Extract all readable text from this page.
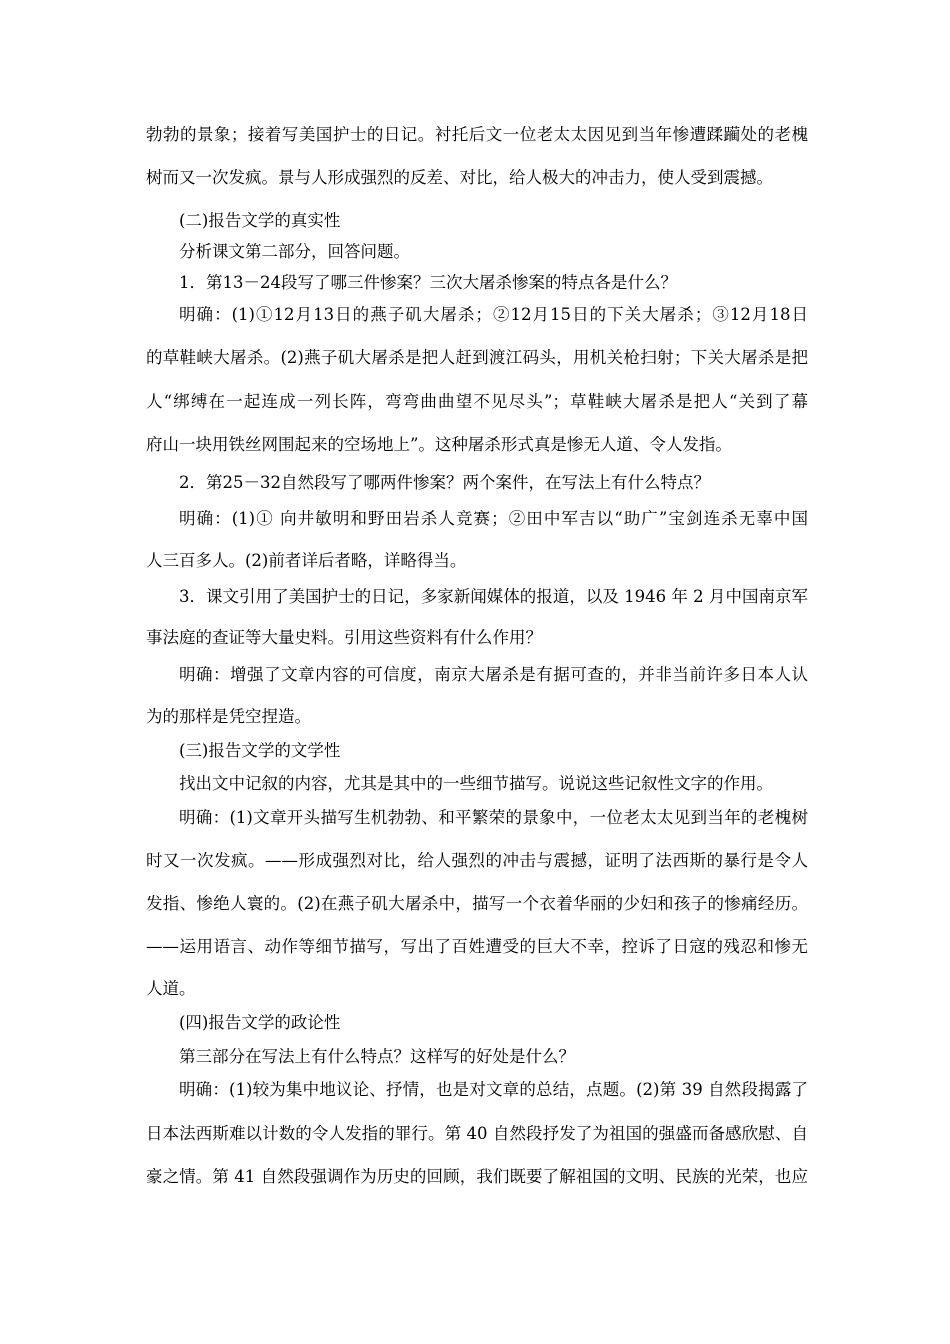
勃勃的景象；接着写美国护士的日记。衬托后文一位老太太因见到当年惨遭蹂躏处的老槐
树而又一次发疯。景与人形成强烈的反差、对比，给人极大的冲击力，使人受到震撼。
(二)报告文学的真实性
分析课文第二部分，回答问题。
1．第13－24段写了哪三件惨案？三次大屠杀惨案的特点各是什么？
明确：(1)①12月13日的燕子矶大屠杀；②12月15日的下关大屠杀；③12月18日
的草鞋峡大屠杀。(2)燕子矶大屠杀是把人赶到渡江码头，用机关枪扫射；下关大屠杀是把
人“绑缚在一起连成一列长阵，弯弯曲曲望不见尽头”；草鞋峡大屠杀是把人“关到了幕
府山一块用铁丝网围起来的空场地上”。这种屠杀形式真是惨无人道、令人发指。
2．第25－32自然段写了哪两件惨案？两个案件，在写法上有什么特点？
明确：(1)① 向井敏明和野田岩杀人竞赛；②田中军吉以“助广”宝剑连杀无辜中国
人三百多人。(2)前者详后者略，详略得当。
3．课文引用了美国护士的日记，多家新闻媒体的报道，以及 1946 年 2 月中国南京军
事法庭的查证等大量史料。引用这些资料有什么作用？
明确：增强了文章内容的可信度，南京大屠杀是有据可查的，并非当前许多日本人认
为的那样是凭空捏造。
(三)报告文学的文学性
找出文中记叙的内容，尤其是其中的一些细节描写。说说这些记叙性文字的作用。
明确：(1)文章开头描写生机勃勃、和平繁荣的景象中，一位老太太见到当年的老槐树
时又一次发疯。——形成强烈对比，给人强烈的冲击与震撼，证明了法西斯的暴行是令人
发指、惨绝人寰的。(2)在燕子矶大屠杀中，描写一个衣着华丽的少妇和孩子的惨痛经历。
——运用语言、动作等细节描写，写出了百姓遭受的巨大不幸，控诉了日寇的残忍和惨无
人道。
(四)报告文学的政论性
第三部分在写法上有什么特点？这样写的好处是什么？
明确：(1)较为集中地议论、抒情，也是对文章的总结，点题。(2)第 39 自然段揭露了
日本法西斯难以计数的令人发指的罪行。第 40 自然段抒发了为祖国的强盛而备感欣慰、自
豪之情。第 41 自然段强调作为历史的回顾，我们既要了解祖国的文明、民族的光荣，也应
